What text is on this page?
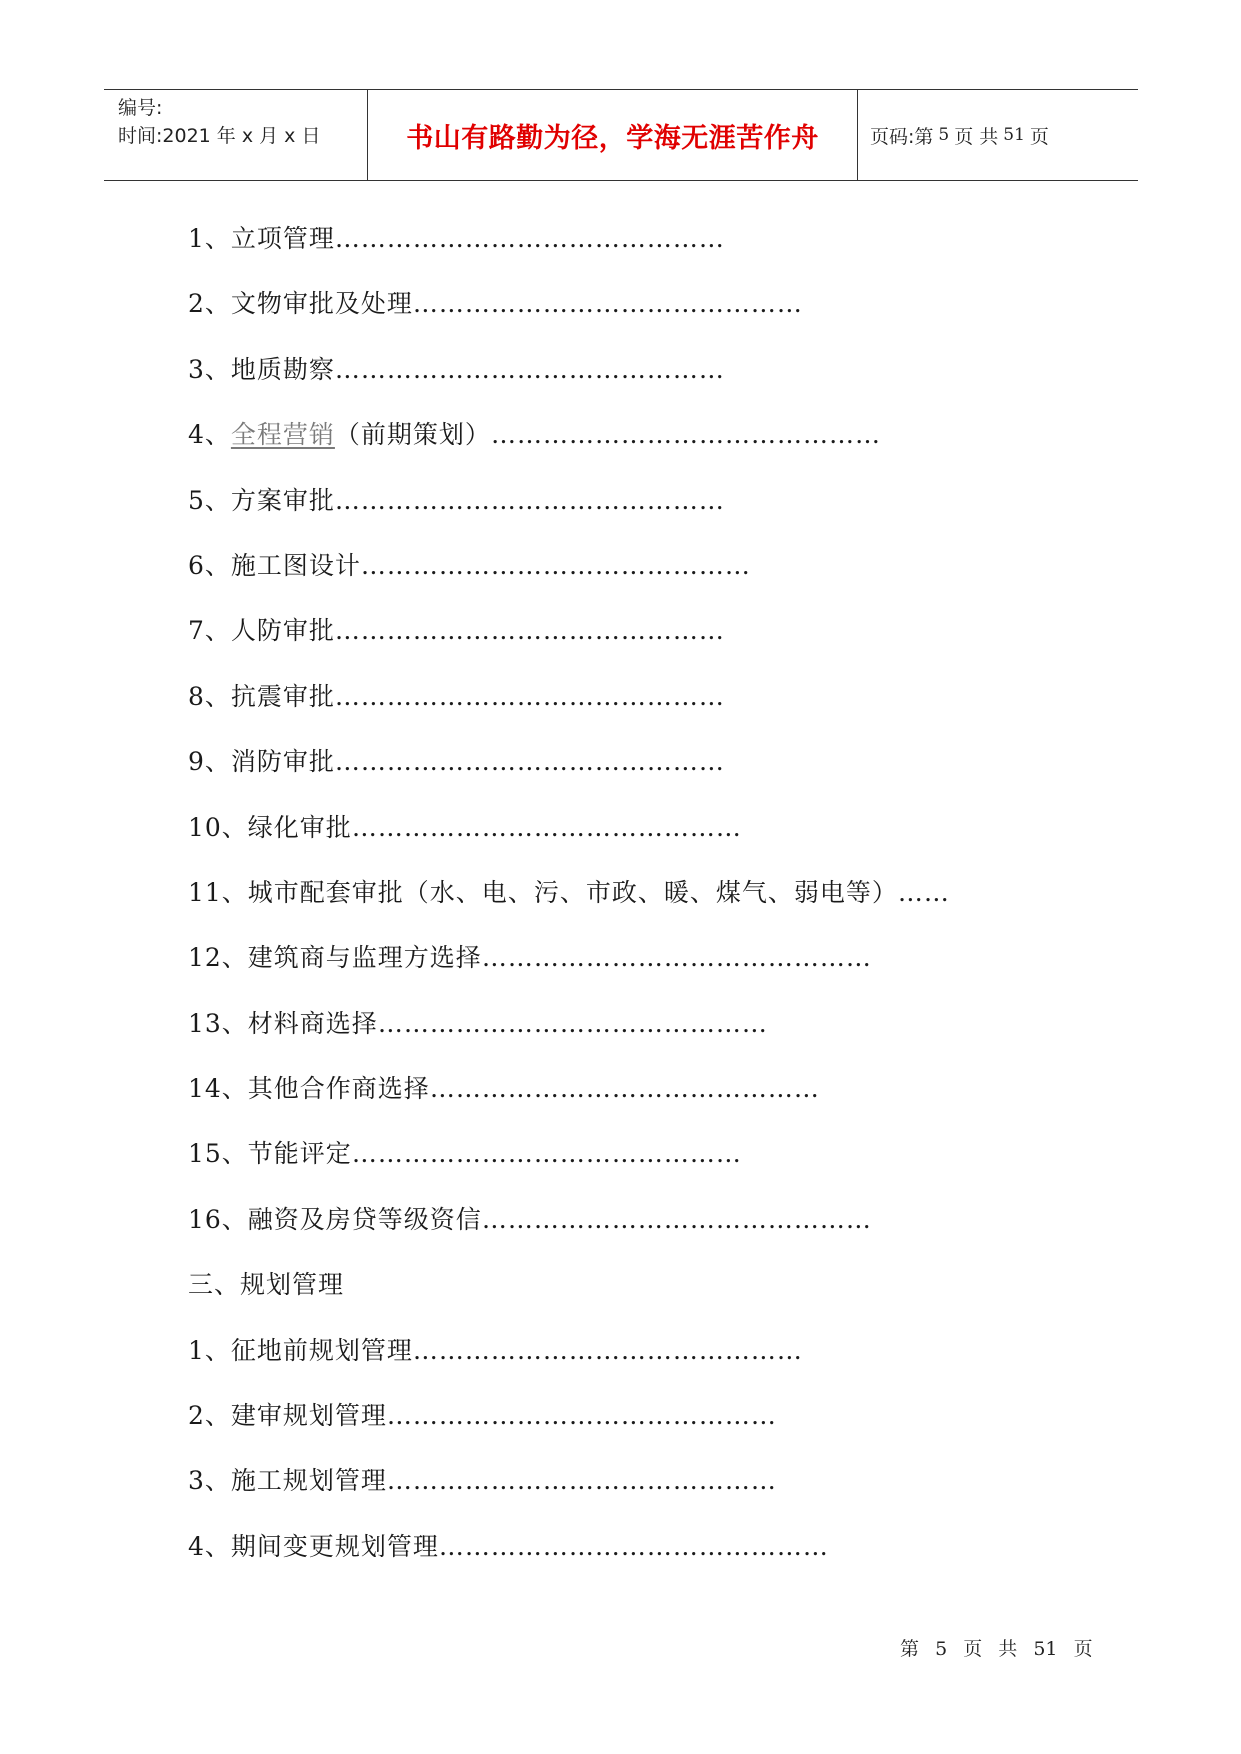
编号:
时间:2021 年 x 月 x 日	书山有路勤为径，学海无涯苦作舟	页码:第 5 页 共 51 页
1、立项管理………………………………………
2、文物审批及处理………………………………………
3、地质勘察………………………………………
4、全程营销（前期策划）………………………………………
5、方案审批………………………………………
6、施工图设计………………………………………
7、人防审批………………………………………
8、抗震审批………………………………………
9、消防审批………………………………………
10、绿化审批………………………………………
11、城市配套审批（水、电、污、市政、暖、煤气、弱电等）……
12、建筑商与监理方选择………………………………………
13、材料商选择………………………………………
14、其他合作商选择………………………………………
15、节能评定………………………………………
16、融资及房贷等级资信………………………………………
三、规划管理
1、征地前规划管理………………………………………
2、建审规划管理………………………………………
3、施工规划管理………………………………………
4、期间变更规划管理………………………………………
第 5 页 共 51 页
